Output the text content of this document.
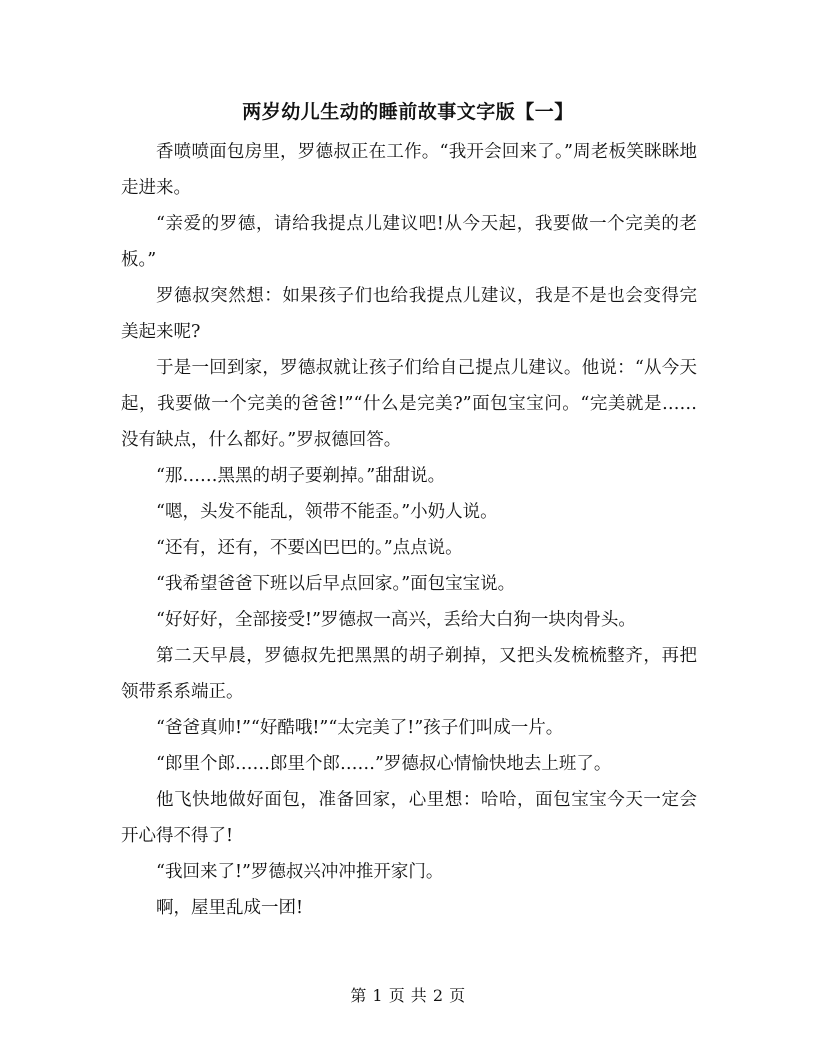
两岁幼儿生动的睡前故事文字版【一】

香喷喷面包房里，罗德叔正在工作。“我开会回来了。”周老板笑眯眯地走进来。

“亲爱的罗德，请给我提点儿建议吧!从今天起，我要做一个完美的老板。”

罗德叔突然想：如果孩子们也给我提点儿建议，我是不是也会变得完美起来呢?

于是一回到家，罗德叔就让孩子们给自己提点儿建议。他说：“从今天起，我要做一个完美的爸爸!”“什么是完美?”面包宝宝问。“完美就是……没有缺点，什么都好。”罗叔德回答。

“那……黑黑的胡子要剃掉。”甜甜说。

“嗯，头发不能乱，领带不能歪。”小奶人说。

“还有，还有，不要凶巴巴的。”点点说。

“我希望爸爸下班以后早点回家。”面包宝宝说。

“好好好，全部接受!”罗德叔一高兴，丢给大白狗一块肉骨头。

第二天早晨，罗德叔先把黑黑的胡子剃掉，又把头发梳梳整齐，再把领带系系端正。

“爸爸真帅!”“好酷哦!”“太完美了!”孩子们叫成一片。

“郎里个郎……郎里个郎……”罗德叔心情愉快地去上班了。

他飞快地做好面包，准备回家，心里想：哈哈，面包宝宝今天一定会开心得不得了!

“我回来了!”罗德叔兴冲冲推开家门。

啊，屋里乱成一团!

第 1 页 共 2 页
